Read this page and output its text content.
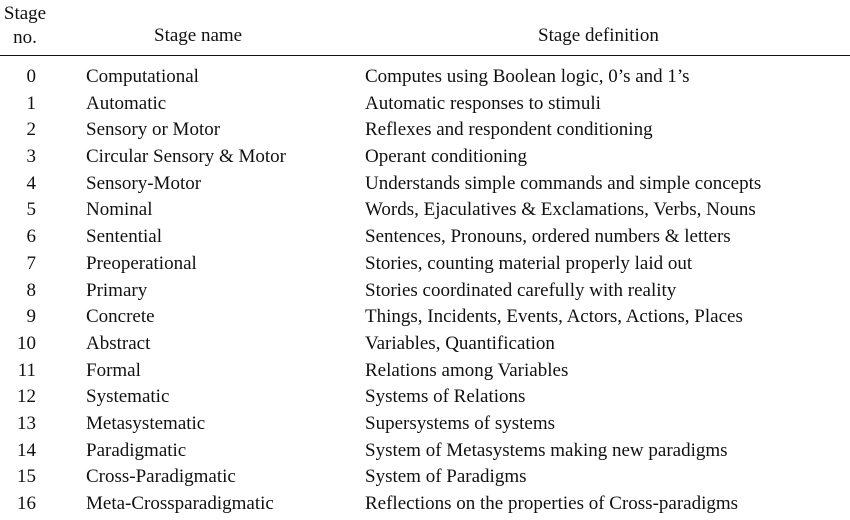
Stage
no.	Stage name	Stage definition
0	Computational	Computes using Boolean logic, 0’s and 1’s
1	Automatic	Automatic responses to stimuli
2	Sensory or Motor	Reflexes and respondent conditioning
3	Circular Sensory & Motor	Operant conditioning
4	Sensory-Motor	Understands simple commands and simple concepts
5	Nominal	Words, Ejaculatives & Exclamations, Verbs, Nouns
6	Sentential	Sentences, Pronouns, ordered numbers & letters
7	Preoperational	Stories, counting material properly laid out
8	Primary	Stories coordinated carefully with reality
9	Concrete	Things, Incidents, Events, Actors, Actions, Places
10	Abstract	Variables, Quantification
11	Formal	Relations among Variables
12	Systematic	Systems of Relations
13	Metasystematic	Supersystems of systems
14	Paradigmatic	System of Metasystems making new paradigms
15	Cross-Paradigmatic	System of Paradigms
16	Meta-Crossparadigmatic	Reflections on the properties of Cross-paradigms
